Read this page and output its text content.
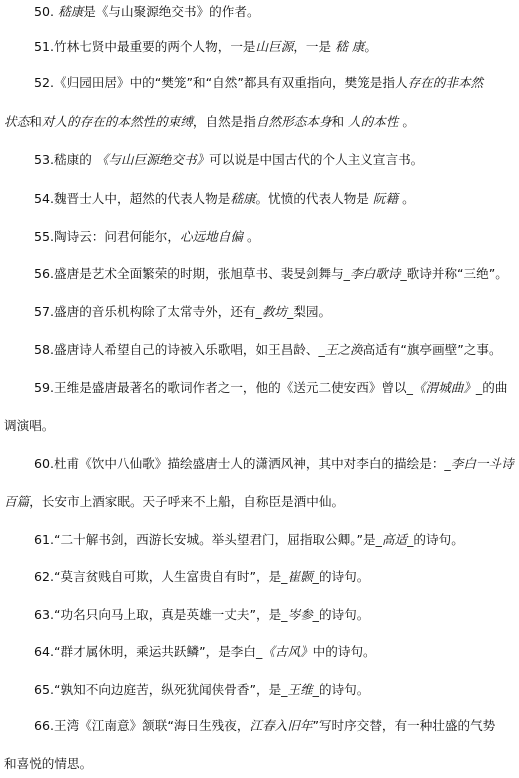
50. 嵇康是《与山聚源绝交书》的作者。
51.竹林七贤中最重要的两个人物，一是山巨源，一是 嵇 康。
52.《归园田居》中的“樊笼”和“自然”都具有双重指向，樊笼是指人存在的非本然
状态和对人的存在的本然性的束缚，自然是指自然形态本身和 人的本性 。
53.嵇康的 《与山巨源绝交书》可以说是中国古代的个人主义宣言书。
54.魏晋士人中，超然的代表人物是嵇康。忧愤的代表人物是 阮籍 。
55.陶诗云：问君何能尔，心远地自偏 。
56.盛唐是艺术全面繁荣的时期，张旭草书、裴旻剑舞与_李白歌诗_歌诗并称“三绝”。
57.盛唐的音乐机构除了太常寺外，还有_教坊_梨园。
58.盛唐诗人希望自己的诗被入乐歌唱，如王昌龄、_王之涣高适有“旗亭画壁”之事。
59.王维是盛唐最著名的歌词作者之一，他的《送元二使安西》曾以_《渭城曲》_的曲
调演唱。
60.杜甫《饮中八仙歌》描绘盛唐士人的潇洒风神，其中对李白的描绘是：_李白一斗诗
百篇，长安市上酒家眠。天子呼来不上船，自称臣是酒中仙。
61.“二十解书剑，西游长安城。举头望君门，屈指取公卿。”是_高适_的诗句。
62.“莫言贫贱自可欺，人生富贵自有时”，是_崔颢_的诗句。
63.“功名只向马上取，真是英雄一丈夫”，是_岑参_的诗句。
64.“群才属休明，乘运共跃鳞”，是李白_《古风》中的诗句。
65.“孰知不向边庭苦，纵死犹闻侠骨香”，是_王维_的诗句。
66.王湾《江南意》颔联“海日生残夜，江春入旧年”写时序交替，有一种壮盛的气势
和喜悦的情思。
